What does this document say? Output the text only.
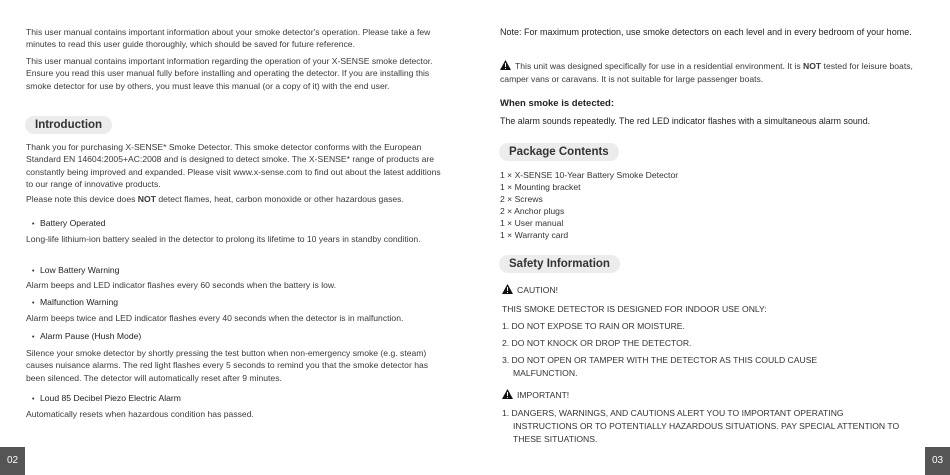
This user manual contains important information about your smoke detector's operation. Please take a few minutes to read this user guide thoroughly, which should be saved for future reference.

This user manual contains important information regarding the operation of your X-SENSE smoke detector. Ensure you read this user manual fully before installing and operating the detector. If you are installing this smoke detector for use by others, you must leave this manual (or a copy of it) with the end user.

Introduction

Thank you for purchasing X-SENSE* Smoke Detector. This smoke detector conforms with the European Standard EN 14604:2005+AC:2008 and is designed to detect smoke. The X-SENSE* range of products are constantly being improved and expanded. Please visit www.x-sense.com to find out about the latest additions to our range of innovative products.

Please note this device does NOT detect flames, heat, carbon monoxide or other hazardous gases.

• Battery Operated

Long-life lithium-ion battery sealed in the detector to prolong its lifetime to 10 years in standby condition.

• Low Battery Warning

Alarm beeps and LED indicator flashes every 60 seconds when the battery is low.

• Malfunction Warning

Alarm beeps twice and LED indicator flashes every 40 seconds when the detector is in malfunction.

• Alarm Pause (Hush Mode)

Silence your smoke detector by shortly pressing the test button when non-emergency smoke (e.g. steam) causes nuisance alarms. The red light flashes every 5 seconds to remind you that the smoke detector has been silenced. The detector will automatically reset after 9 minutes.

• Loud 85 Decibel Piezo Electric Alarm

Automatically resets when hazardous condition has passed.

02

Note: For maximum protection, use smoke detectors on each level and in every bedroom of your home.

This unit was designed specifically for use in a residential environment. It is NOT tested for leisure boats, camper vans or caravans. It is not suitable for large passenger boats.

When smoke is detected:

The alarm sounds repeatedly. The red LED indicator flashes with a simultaneous alarm sound.

Package Contents
1 × X-SENSE 10-Year Battery Smoke Detector
1 × Mounting bracket
2 × Screws
2 × Anchor plugs
1 × User manual
1 × Warranty card
Safety Information
CAUTION!
THIS SMOKE DETECTOR IS DESIGNED FOR INDOOR USE ONLY:
1. DO NOT EXPOSE TO RAIN OR MOISTURE.
2. DO NOT KNOCK OR DROP THE DETECTOR.
3. DO NOT OPEN OR TAMPER WITH THE DETECTOR AS THIS COULD CAUSE
MALFUNCTION.
IMPORTANT!
1. DANGERS, WARNINGS, AND CAUTIONS ALERT YOU TO IMPORTANT OPERATING
INSTRUCTIONS OR TO POTENTIALLY HAZARDOUS SITUATIONS. PAY SPECIAL ATTENTION TO
THESE SITUATIONS.
03
